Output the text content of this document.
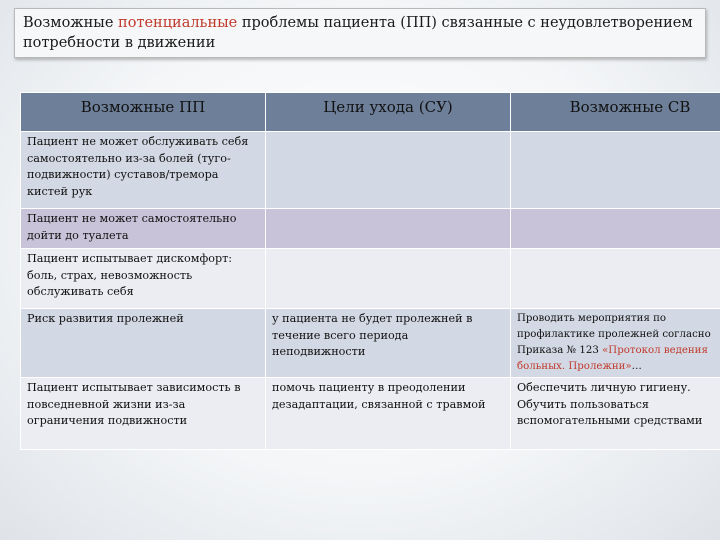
Возможные потенциальные проблемы пациента (ПП) связанные с неудовлетворением потребности в движении
Возможные ПП	Цели ухода (СУ)	Возможные СВ
Пациент не может обслуживать себя самостоятельно из-за болей (туго-подвижности) суставов/тремора кистей рук		
Пациент не может самостоятельно дойти до туалета		
Пациент испытывает дискомфорт: боль, страх, невозможность обслуживать себя		
Риск развития пролежней	у пациента не будет пролежней в течение всего периода неподвижности	Проводить мероприятия по профилактике пролежней согласно Приказа № 123 «Протокол ведения больных. Пролежни»…
Пациент испытывает зависимость в повседневной жизни из-за ограничения подвижности	помочь пациенту в преодолении дезадаптации, связанной с травмой	Обеспечить личную гигиену. Обучить пользоваться вспомогательными средствами
